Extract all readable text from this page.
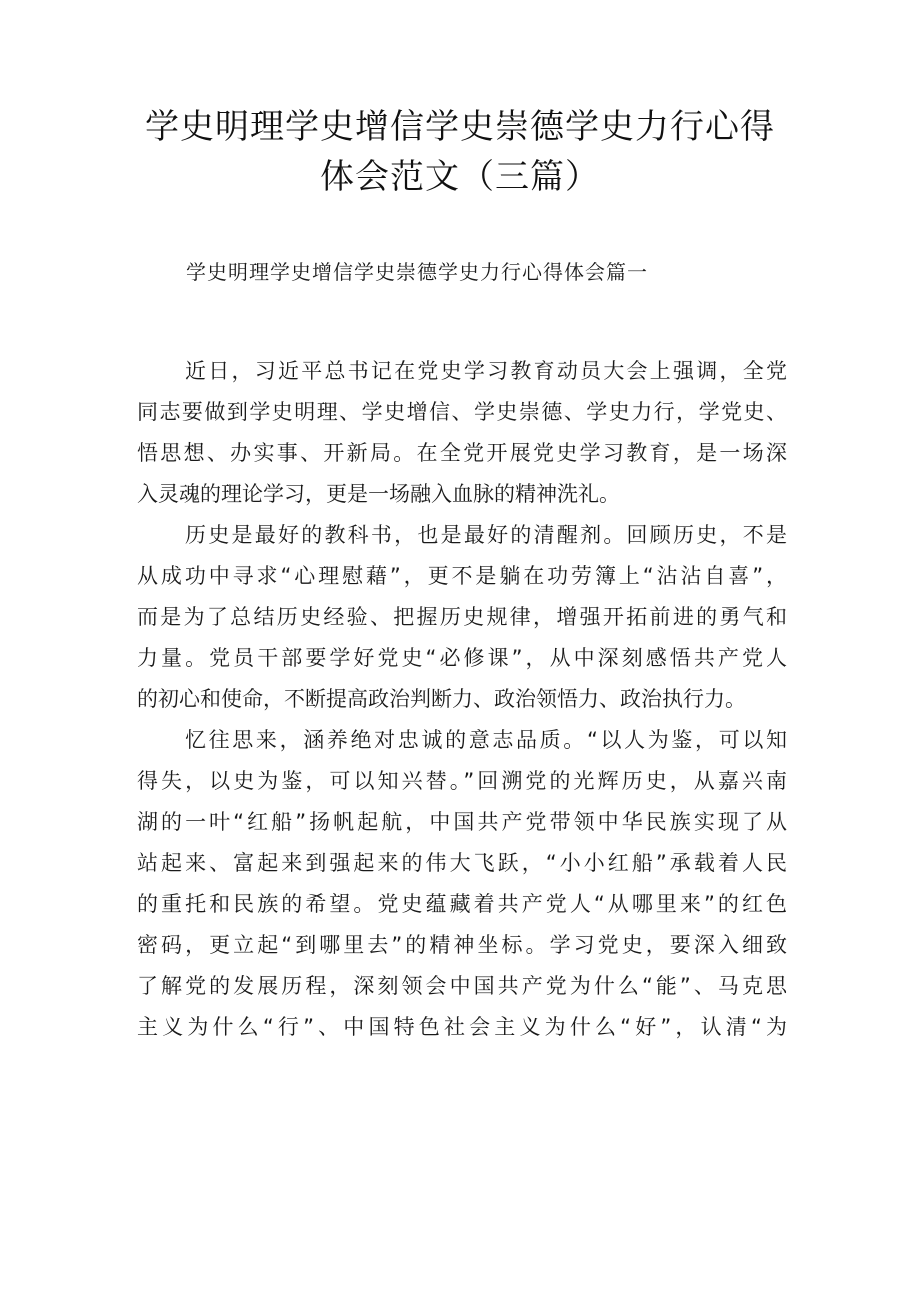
学史明理学史增信学史崇德学史力行心得
体会范文（三篇）
学史明理学史增信学史崇德学史力行心得体会篇一
近日，习近平总书记在党史学习教育动员大会上强调，全党
同志要做到学史明理、学史增信、学史崇德、学史力行，学党史、
悟思想、办实事、开新局。在全党开展党史学习教育，是一场深
入灵魂的理论学习，更是一场融入血脉的精神洗礼。
历史是最好的教科书，也是最好的清醒剂。回顾历史，不是
从成功中寻求“心理慰藉”，更不是躺在功劳簿上“沾沾自喜”，
而是为了总结历史经验、把握历史规律，增强开拓前进的勇气和
力量。党员干部要学好党史“必修课”，从中深刻感悟共产党人
的初心和使命，不断提高政治判断力、政治领悟力、政治执行力。
忆往思来，涵养绝对忠诚的意志品质。“以人为鉴，可以知
得失，以史为鉴，可以知兴替。”回溯党的光辉历史，从嘉兴南
湖的一叶“红船”扬帆起航，中国共产党带领中华民族实现了从
站起来、富起来到强起来的伟大飞跃，“小小红船”承载着人民
的重托和民族的希望。党史蕴藏着共产党人“从哪里来”的红色
密码，更立起“到哪里去”的精神坐标。学习党史，要深入细致
了解党的发展历程，深刻领会中国共产党为什么“能”、马克思
主义为什么“行”、中国特色社会主义为什么“好”，认清“为
